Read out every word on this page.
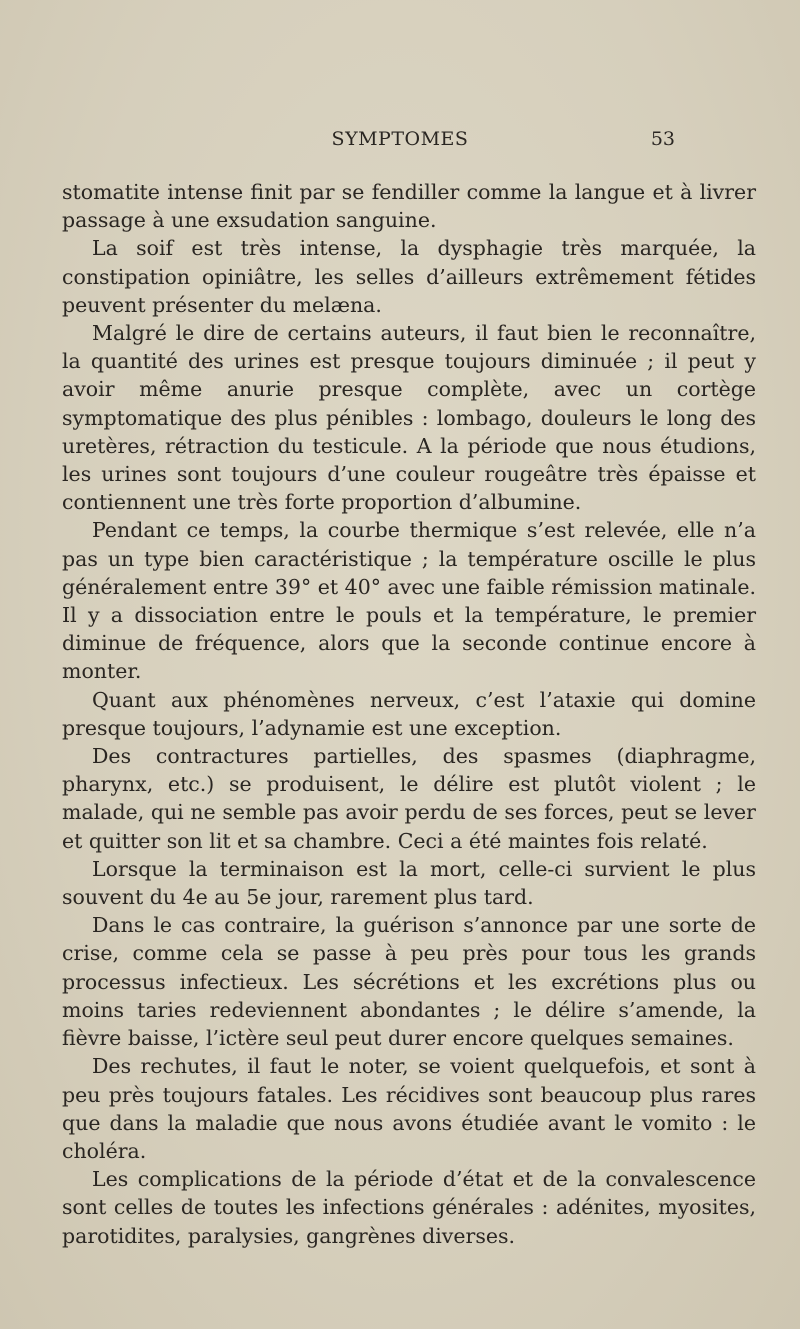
SYMPTOMES	53

stomatite intense finit par se fendiller comme la langue et à livrer passage à une exsudation sanguine.

La soif est très intense, la dysphagie très marquée, la constipation opiniâtre, les selles d’ailleurs extrêmement fétides peuvent présenter du melæna.

Malgré le dire de certains auteurs, il faut bien le reconnaître, la quantité des urines est presque toujours diminuée ; il peut y avoir même anurie presque complète, avec un cortège symptomatique des plus pénibles : lombago, douleurs le long des uretères, rétraction du testicule. A la période que nous étudions, les urines sont toujours d’une couleur rougeâtre très épaisse et contiennent une très forte proportion d’albumine.

Pendant ce temps, la courbe thermique s’est relevée, elle n’a pas un type bien caractéristique ; la température oscille le plus généralement entre 39° et 40° avec une faible rémission matinale. Il y a dissociation entre le pouls et la température, le premier diminue de fréquence, alors que la seconde continue encore à monter.

Quant aux phénomènes nerveux, c’est l’ataxie qui domine presque toujours, l’adynamie est une exception.

Des contractures partielles, des spasmes (diaphragme, pharynx, etc.) se produisent, le délire est plutôt violent ; le malade, qui ne semble pas avoir perdu de ses forces, peut se lever et quitter son lit et sa chambre. Ceci a été maintes fois relaté.

Lorsque la terminaison est la mort, celle-ci survient le plus souvent du 4e au 5e jour, rarement plus tard.

Dans le cas contraire, la guérison s’annonce par une sorte de crise, comme cela se passe à peu près pour tous les grands processus infectieux. Les sécrétions et les excrétions plus ou moins taries redeviennent abondantes ; le délire s’amende, la fièvre baisse, l’ictère seul peut durer encore quelques semaines.

Des rechutes, il faut le noter, se voient quelquefois, et sont à peu près toujours fatales. Les récidives sont beaucoup plus rares que dans la maladie que nous avons étudiée avant le vomito : le choléra.

Les complications de la période d’état et de la convalescence sont celles de toutes les infections générales : adénites, myosites, parotidites, paralysies, gangrènes diverses.
